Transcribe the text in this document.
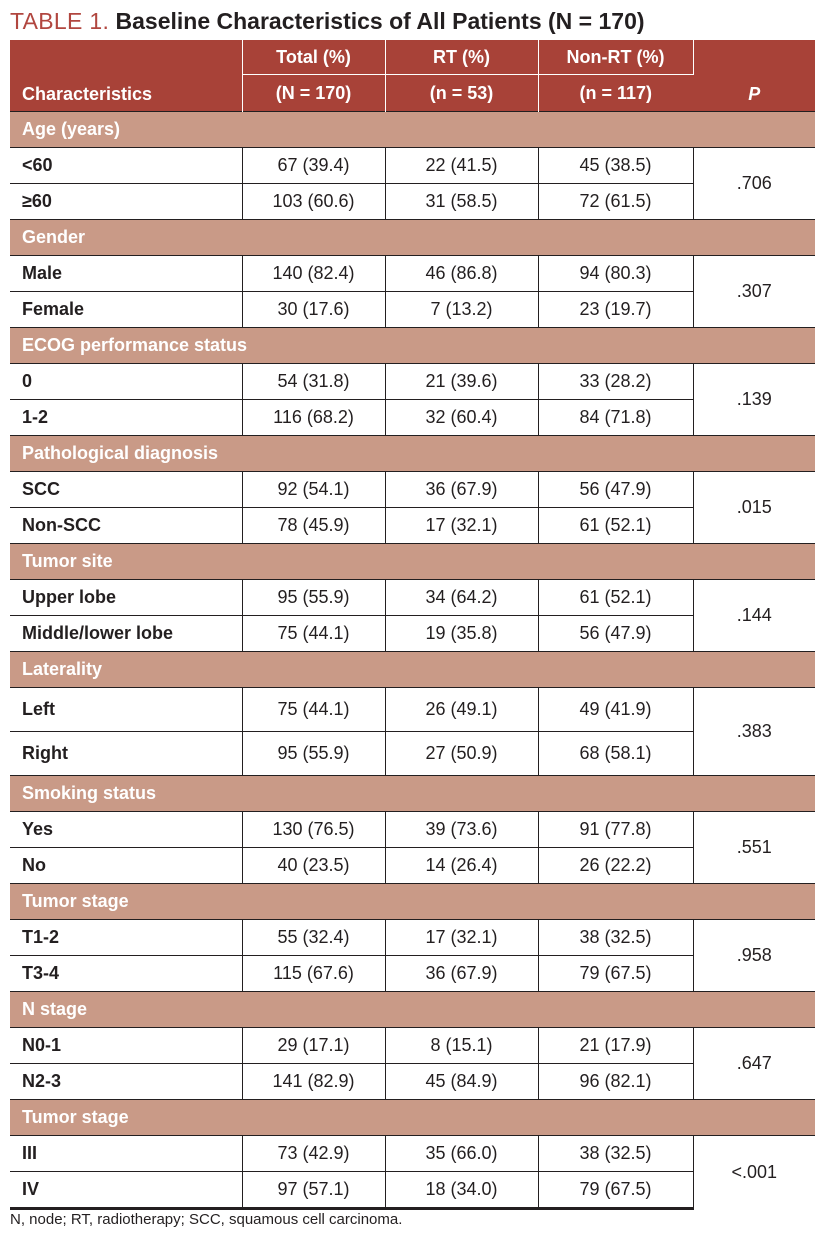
TABLE 1. Baseline Characteristics of All Patients (N = 170)
Characteristics	Total (%)	RT (%)	Non-RT (%)	P
	(N = 170)	(n = 53)	(n = 117)	
Age (years)				
<60	67 (39.4)	22 (41.5)	45 (38.5)	.706
≥60	103 (60.6)	31 (58.5)	72 (61.5)	
Gender				
Male	140 (82.4)	46 (86.8)	94 (80.3)	.307
Female	30 (17.6)	7 (13.2)	23 (19.7)	
ECOG performance status				
0	54 (31.8)	21 (39.6)	33 (28.2)	.139
1-2	116 (68.2)	32 (60.4)	84 (71.8)	
Pathological diagnosis				
SCC	92 (54.1)	36 (67.9)	56 (47.9)	.015
Non-SCC	78 (45.9)	17 (32.1)	61 (52.1)	
Tumor site				
Upper lobe	95 (55.9)	34 (64.2)	61 (52.1)	.144
Middle/lower lobe	75 (44.1)	19 (35.8)	56 (47.9)	
Laterality				
Left	75 (44.1)	26 (49.1)	49 (41.9)	.383
Right	95 (55.9)	27 (50.9)	68 (58.1)	
Smoking status				
Yes	130 (76.5)	39 (73.6)	91 (77.8)	.551
No	40 (23.5)	14 (26.4)	26 (22.2)	
Tumor stage				
T1-2	55 (32.4)	17 (32.1)	38 (32.5)	.958
T3-4	115 (67.6)	36 (67.9)	79 (67.5)	
N stage				
N0-1	29 (17.1)	8 (15.1)	21 (17.9)	.647
N2-3	141 (82.9)	45 (84.9)	96 (82.1)	
Tumor stage				
III	73 (42.9)	35 (66.0)	38 (32.5)	<.001
IV	97 (57.1)	18 (34.0)	79 (67.5)	
N, node; RT, radiotherapy; SCC, squamous cell carcinoma.
